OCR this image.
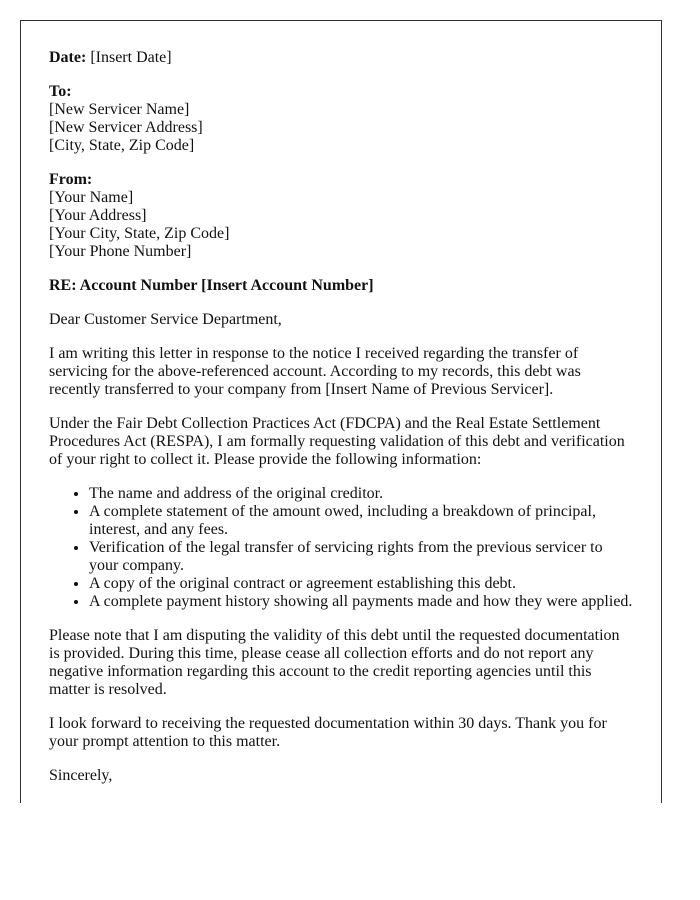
Date: [Insert Date]

To:
[New Servicer Name]
[New Servicer Address]
[City, State, Zip Code]

From:
[Your Name]
[Your Address]
[Your City, State, Zip Code]
[Your Phone Number]

RE: Account Number [Insert Account Number]

Dear Customer Service Department,

I am writing this letter in response to the notice I received regarding the transfer of servicing for the above-referenced account. According to my records, this debt was recently transferred to your company from [Insert Name of Previous Servicer].

Under the Fair Debt Collection Practices Act (FDCPA) and the Real Estate Settlement Procedures Act (RESPA), I am formally requesting validation of this debt and verification of your right to collect it. Please provide the following information:

• The name and address of the original creditor.
• A complete statement of the amount owed, including a breakdown of principal, interest, and any fees.
• Verification of the legal transfer of servicing rights from the previous servicer to your company.
• A copy of the original contract or agreement establishing this debt.
• A complete payment history showing all payments made and how they were applied.

Please note that I am disputing the validity of this debt until the requested documentation is provided. During this time, please cease all collection efforts and do not report any negative information regarding this account to the credit reporting agencies until this matter is resolved.

I look forward to receiving the requested documentation within 30 days. Thank you for your prompt attention to this matter.

Sincerely,
